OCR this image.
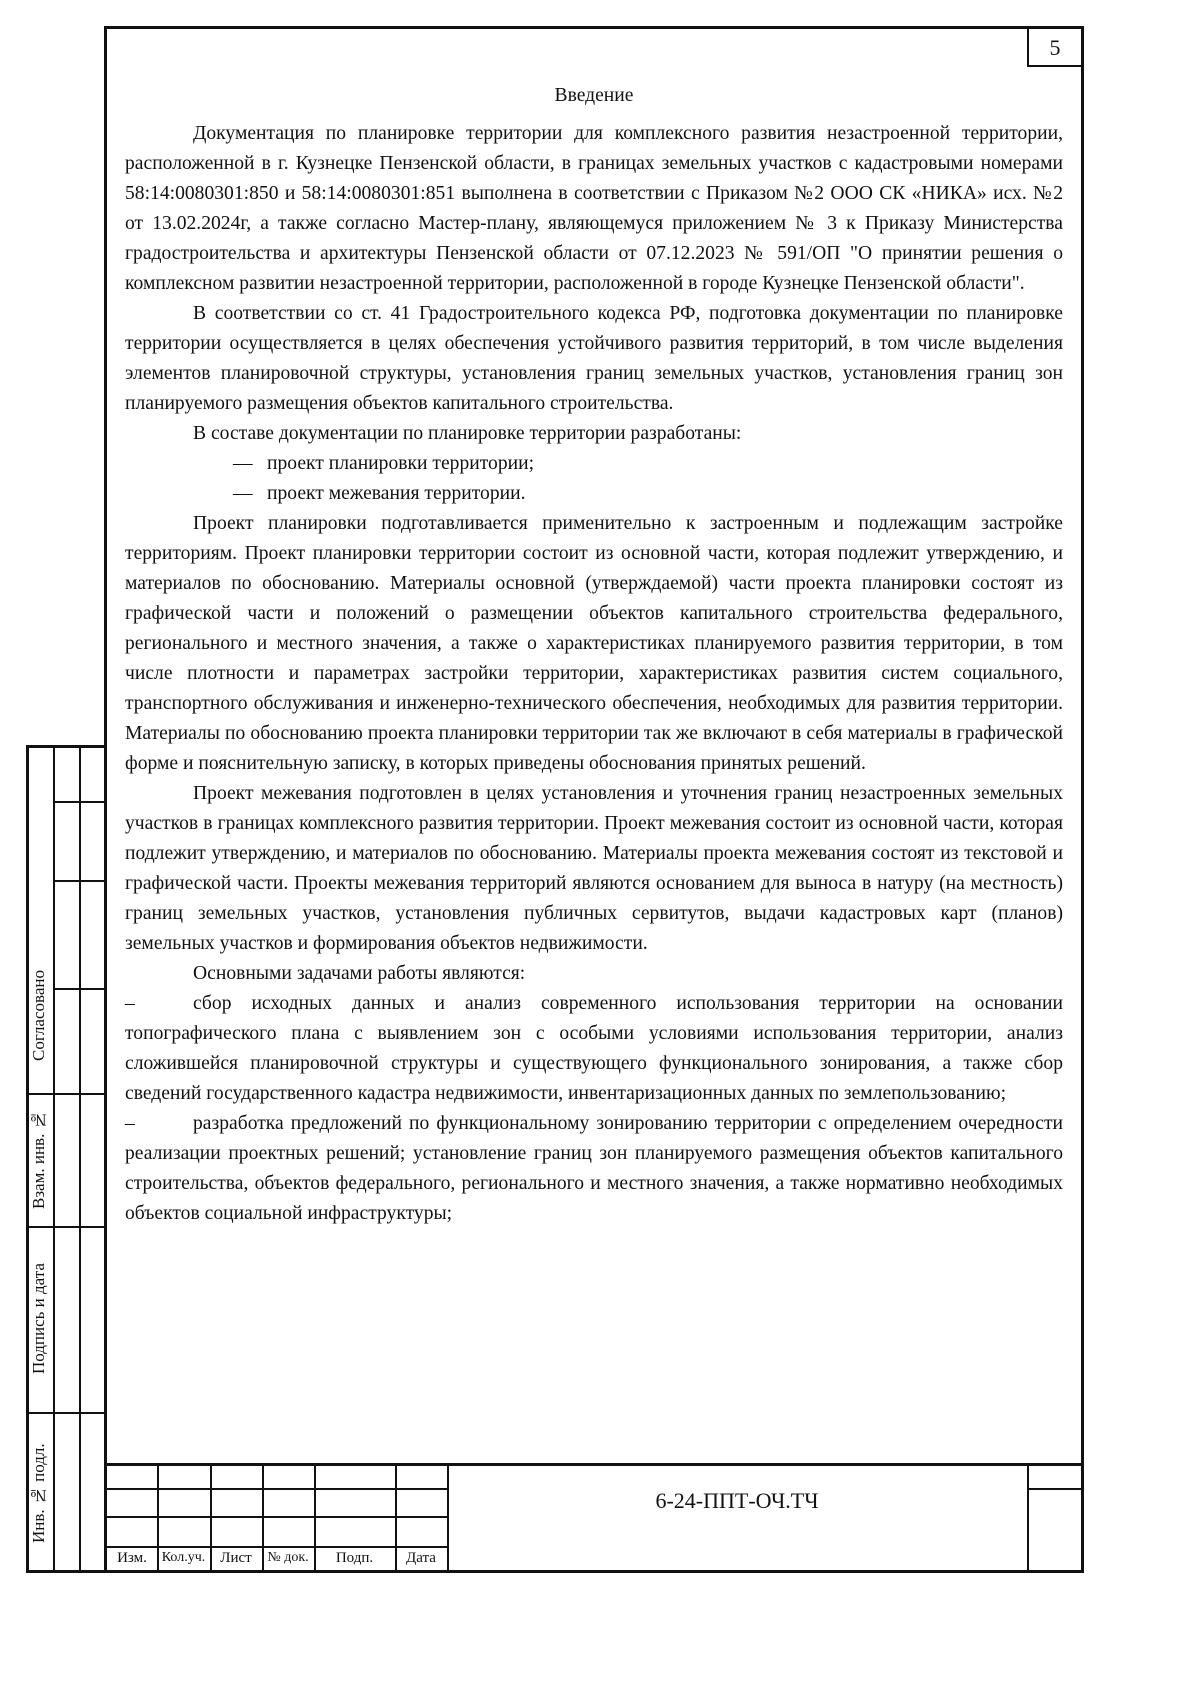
5

Введение

Документация по планировке территории для комплексного развития незастроенной территории, расположенной в г. Кузнецке Пензенской области, в границах земельных участков с кадастровыми номерами 58:14:0080301:850 и 58:14:0080301:851 выполнена в соответствии с Приказом №2 ООО СК «НИКА» исх. №2 от 13.02.2024г, а также согласно Мастер-плану, являющемуся приложением № 3 к Приказу Министерства градостроительства и архитектуры Пензенской области от 07.12.2023 № 591/ОП "О принятии решения о комплексном развитии незастроенной территории, расположенной в городе Кузнецке Пензенской области".

В соответствии со ст. 41 Градостроительного кодекса РФ, подготовка документации по планировке территории осуществляется в целях обеспечения устойчивого развития территорий, в том числе выделения элементов планировочной структуры, установления границ земельных участков, установления границ зон планируемого размещения объектов капитального строительства.

В составе документации по планировке территории разработаны:

— проект планировки территории;

— проект межевания территории.

Проект планировки подготавливается применительно к застроенным и подлежащим застройке территориям. Проект планировки территории состоит из основной части, которая подлежит утверждению, и материалов по обоснованию. Материалы основной (утверждаемой) части проекта планировки состоят из графической части и положений о размещении объектов капитального строительства федерального, регионального и местного значения, а также о характеристиках планируемого развития территории, в том числе плотности и параметрах застройки территории, характеристиках развития систем социального, транспортного обслуживания и инженерно-технического обеспечения, необходимых для развития территории. Материалы по обоснованию проекта планировки территории так же включают в себя материалы в графической форме и пояснительную записку, в которых приведены обоснования принятых решений.

Проект межевания подготовлен в целях установления и уточнения границ незастроенных земельных участков в границах комплексного развития территории. Проект межевания состоит из основной части, которая подлежит утверждению, и материалов по обоснованию. Материалы проекта межевания состоят из текстовой и графической части. Проекты межевания территорий являются основанием для выноса в натуру (на местность) границ земельных участков, установления публичных сервитутов, выдачи кадастровых карт (планов) земельных участков и формирования объектов недвижимости.

Основными задачами работы являются:

–	сбор исходных данных и анализ современного использования территории на основании топографического плана с выявлением зон с особыми условиями использования территории, анализ сложившейся планировочной структуры и существующего функционального зонирования, а также сбор сведений государственного кадастра недвижимости, инвентаризационных данных по землепользованию;

–	разработка предложений по функциональному зонированию территории с определением очередности реализации проектных решений; установление границ зон планируемого размещения объектов капитального строительства, объектов федерального, регионального и местного значения, а также нормативно необходимых объектов социальной инфраструктуры;

Согласовано
Взам. инв. №
Подпись и дата
Инв. № подл.
Изм.	Кол.уч.	Лист	№ док.	Подп.	Дата
6-24-ППТ-ОЧ.ТЧ
